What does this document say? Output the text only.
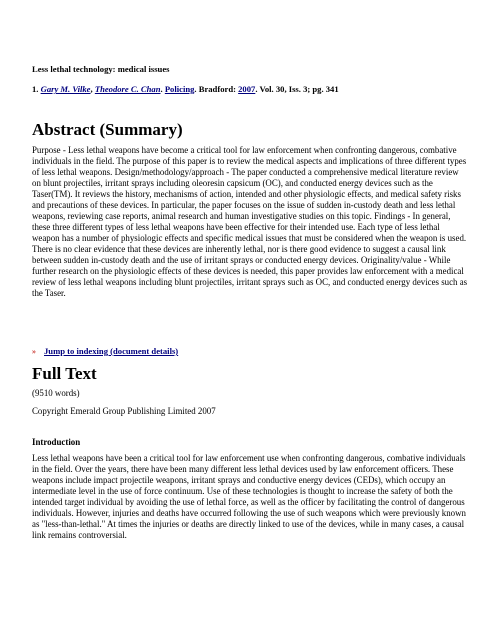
Less lethal technology: medical issues
1. Gary M. Vilke, Theodore C. Chan. Policing. Bradford: 2007. Vol. 30, Iss. 3; pg. 341
Abstract (Summary)

Purpose - Less lethal weapons have become a critical tool for law enforcement when confronting dangerous, combative individuals in the field. The purpose of this paper is to review the medical aspects and implications of three different types of less lethal weapons. Design/methodology/approach - The paper conducted a comprehensive medical literature review on blunt projectiles, irritant sprays including oleoresin capsicum (OC), and conducted energy devices such as the Taser(TM). It reviews the history, mechanisms of action, intended and other physiologic effects, and medical safety risks and precautions of these devices. In particular, the paper focuses on the issue of sudden in-custody death and less lethal weapons, reviewing case reports, animal research and human investigative studies on this topic. Findings - In general, these three different types of less lethal weapons have been effective for their intended use. Each type of less lethal weapon has a number of physiologic effects and specific medical issues that must be considered when the weapon is used. There is no clear evidence that these devices are inherently lethal, nor is there good evidence to suggest a causal link between sudden in-custody death and the use of irritant sprays or conducted energy devices. Originality/value - While further research on the physiologic effects of these devices is needed, this paper provides law enforcement with a medical review of less lethal weapons including blunt projectiles, irritant sprays such as OC, and conducted energy devices such as the Taser.

» Jump to indexing (document details)
Full Text
(9510 words)
Copyright Emerald Group Publishing Limited 2007
Introduction

Less lethal weapons have been a critical tool for law enforcement use when confronting dangerous, combative individuals in the field. Over the years, there have been many different less lethal devices used by law enforcement officers. These weapons include impact projectile weapons, irritant sprays and conductive energy devices (CEDs), which occupy an intermediate level in the use of force continuum. Use of these technologies is thought to increase the safety of both the intended target individual by avoiding the use of lethal force, as well as the officer by facilitating the control of dangerous individuals. However, injuries and deaths have occurred following the use of such weapons which were previously known as "less-than-lethal." At times the injuries or deaths are directly linked to use of the devices, while in many cases, a causal link remains controversial.
